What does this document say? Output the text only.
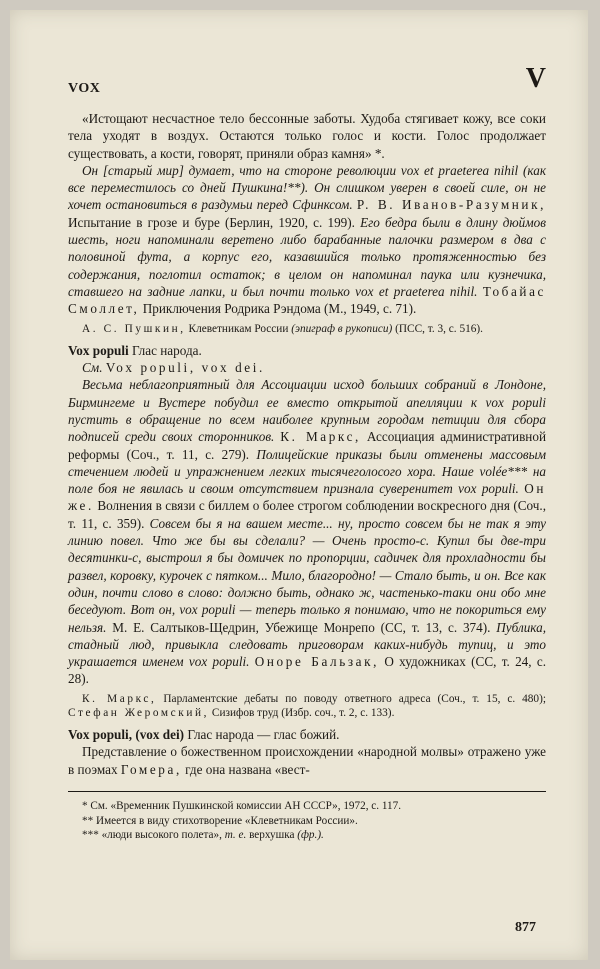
VOX	V

«Истощают несчастное тело бессонные заботы. Худоба стягивает кожу, все соки тела уходят в воздух. Остаются только голос и кости. Голос продолжает существовать, а кости, говорят, приняли образ камня» *.

Он [старый мир] думает, что на стороне революции vox et praeterea nihil (как все переместилось со дней Пушкина!**). Он слишком уверен в своей силе, он не хочет остановиться в раздумьи перед Сфинксом. Р. В. Иванов-Разумник, Испытание в грозе и буре (Берлин, 1920, с. 199). Его бедра были в длину дюймов шесть, ноги напоминали веретено либо барабанные палочки размером в два с половиной фута, а корпус его, казавшийся только протяженностью без содержания, поглотил остаток; в целом он напоминал паука или кузнечика, ставшего на задние лапки, и был почти только vox et praeterea nihil. Тобайас Смоллет, Приключения Родрика Рэндома (М., 1949, с. 71).

А. С. Пушкин, Клеветникам России (эпиграф в рукописи) (ПСС, т. 3, с. 516).

Vox populi Глас народа.

См. Vox populi, vox dei.

Весьма неблагоприятный для Ассоциации исход больших собраний в Лондоне, Бирмингеме и Вустере побудил ее вместо открытой апелляции к vox populi пустить в обращение по всем наиболее крупным городам петиции для сбора подписей среди своих сторонников. К. Маркс, Ассоциация административной реформы (Соч., т. 11, с. 279). Полицейские приказы были отменены массовым стечением людей и упражнением легких тысячеголосого хора. Наше volée*** на поле боя не явилась и своим отсутствием признала суверенитет vox populi. Он же. Волнения в связи с биллем о более строгом соблюдении воскресного дня (Соч., т. 11, с. 359). Совсем бы я на вашем месте... ну, просто совсем бы не так я эту линию повел. Что же бы вы сделали? — Очень просто-с. Купил бы две-три десятинки-с, выстроил я бы домичек по пропорции, садичек для прохладности бы развел, коровку, курочек с пятком... Мило, благородно! — Стало быть, и он. Все как один, почти слово в слово: должно быть, однако ж, частенько-таки они обо мне беседуют. Вот он, vox populi — теперь только я понимаю, что не покориться ему нельзя. М. Е. Салтыков-Щедрин, Убежище Монрепо (СС, т. 13, с. 374). Публика, стадный люд, привыкла следовать приговорам каких-нибудь тупиц, и это украшается именем vox populi. Оноре Бальзак, О художниках (СС, т. 24, с. 28).

К. Маркс, Парламентские дебаты по поводу ответного адреса (Соч., т. 15, с. 480); Стефан Жеромский, Сизифов труд (Избр. соч., т. 2, с. 133).

Vox populi, (vox dei) Глас народа — глас божий.

Представление о божественном происхождении «народной молвы» отражено уже в поэмах Гомера, где она названа «вест-

* См. «Временник Пушкинской комиссии АН СССР», 1972, с. 117.

** Имеется в виду стихотворение «Клеветникам России».

*** «люди высокого полета», т. е. верхушка (фр.).

877
